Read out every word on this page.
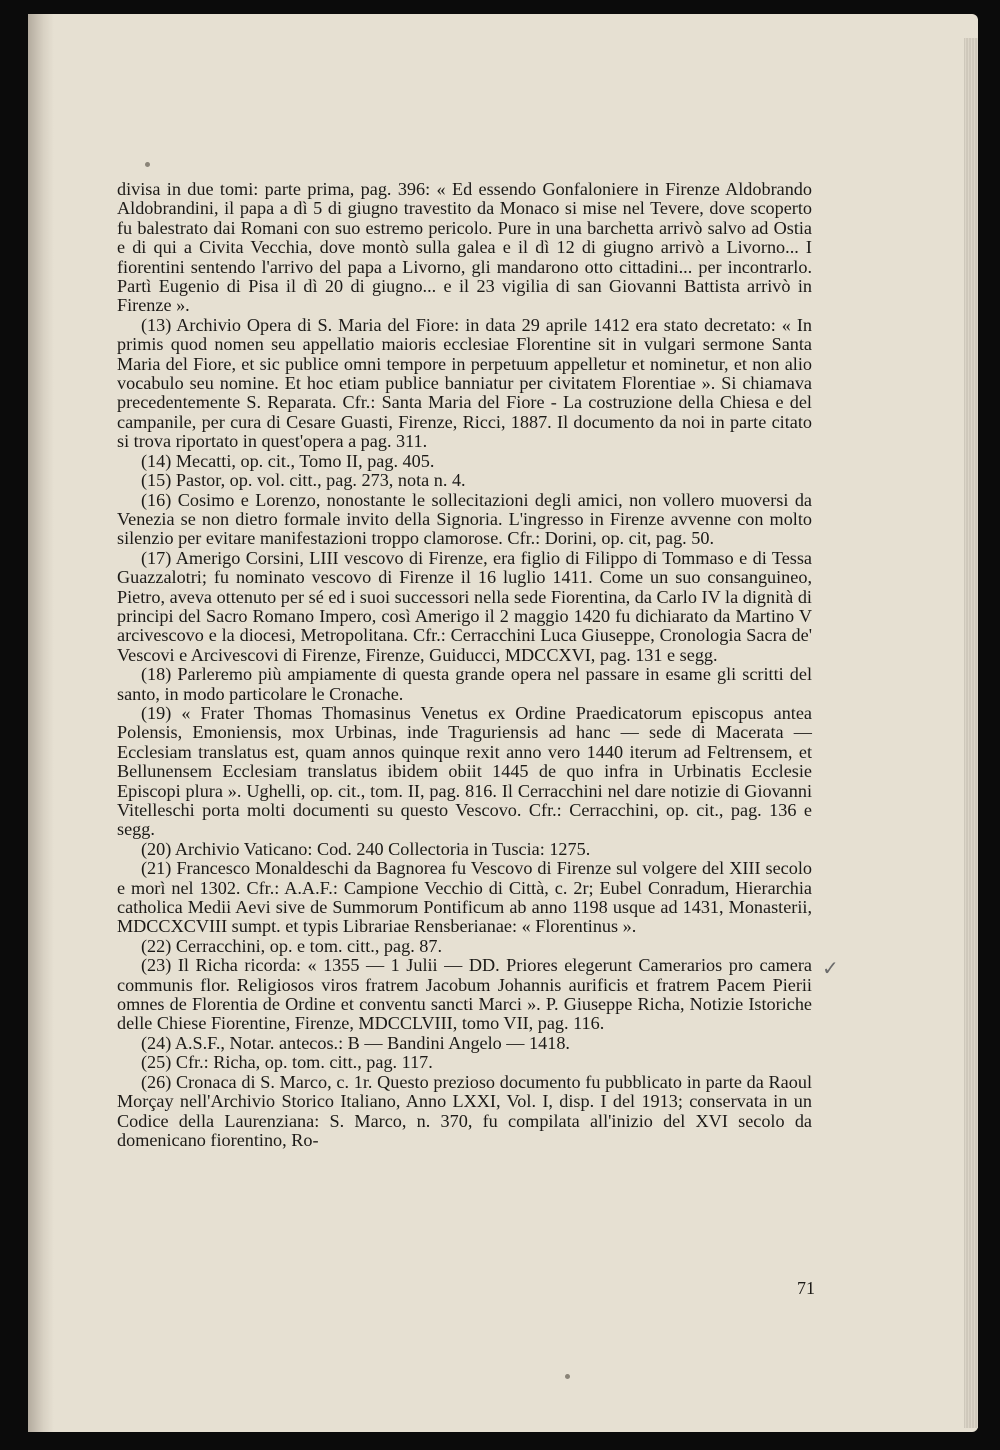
divisa in due tomi: parte prima, pag. 396: « Ed essendo Gonfaloniere in Firenze Aldobrando Aldobrandini, il papa a dì 5 di giugno travestito da Monaco si mise nel Tevere, dove scoperto fu balestrato dai Romani con suo estremo pericolo. Pure in una barchetta arrivò salvo ad Ostia e di qui a Civita Vecchia, dove montò sulla galea e il dì 12 di giugno arrivò a Livorno... I fiorentini sentendo l'arrivo del papa a Livorno, gli mandarono otto cittadini... per incontrarlo. Partì Eugenio di Pisa il dì 20 di giugno... e il 23 vigilia di san Giovanni Battista arrivò in Firenze ».

(13) Archivio Opera di S. Maria del Fiore: in data 29 aprile 1412 era stato decretato: « In primis quod nomen seu appellatio maioris ecclesiae Florentine sit in vulgari sermone Santa Maria del Fiore, et sic publice omni tempore in perpetuum appelletur et nominetur, et non alio vocabulo seu nomine. Et hoc etiam publice banniatur per civitatem Florentiae ». Si chiamava precedentemente S. Reparata. Cfr.: Santa Maria del Fiore - La costruzione della Chiesa e del campanile, per cura di Cesare Guasti, Firenze, Ricci, 1887. Il documento da noi in parte citato si trova riportato in quest'opera a pag. 311.

(14) Mecatti, op. cit., Tomo II, pag. 405.

(15) Pastor, op. vol. citt., pag. 273, nota n. 4.

(16) Cosimo e Lorenzo, nonostante le sollecitazioni degli amici, non vollero muoversi da Venezia se non dietro formale invito della Signoria. L'ingresso in Firenze avvenne con molto silenzio per evitare manifestazioni troppo clamorose. Cfr.: Dorini, op. cit, pag. 50.

(17) Amerigo Corsini, LIII vescovo di Firenze, era figlio di Filippo di Tommaso e di Tessa Guazzalotri; fu nominato vescovo di Firenze il 16 luglio 1411. Come un suo consanguineo, Pietro, aveva ottenuto per sé ed i suoi successori nella sede Fiorentina, da Carlo IV la dignità di principi del Sacro Romano Impero, così Amerigo il 2 maggio 1420 fu dichiarato da Martino V arcivescovo e la diocesi, Metropolitana. Cfr.: Cerracchini Luca Giuseppe, Cronologia Sacra de' Vescovi e Arcivescovi di Firenze, Firenze, Guiducci, MDCCXVI, pag. 131 e segg.

(18) Parleremo più ampiamente di questa grande opera nel passare in esame gli scritti del santo, in modo particolare le Cronache.

(19) « Frater Thomas Thomasinus Venetus ex Ordine Praedicatorum episcopus antea Polensis, Emoniensis, mox Urbinas, inde Traguriensis ad hanc — sede di Macerata — Ecclesiam translatus est, quam annos quinque rexit anno vero 1440 iterum ad Feltrensem, et Bellunensem Ecclesiam translatus ibidem obiit 1445 de quo infra in Urbinatis Ecclesie Episcopi plura ». Ughelli, op. cit., tom. II, pag. 816. Il Cerracchini nel dare notizie di Giovanni Vitelleschi porta molti documenti su questo Vescovo. Cfr.: Cerracchini, op. cit., pag. 136 e segg.

(20) Archivio Vaticano: Cod. 240 Collectoria in Tuscia: 1275.

(21) Francesco Monaldeschi da Bagnorea fu Vescovo di Firenze sul volgere del XIII secolo e morì nel 1302. Cfr.: A.A.F.: Campione Vecchio di Città, c. 2r; Eubel Conradum, Hierarchia catholica Medii Aevi sive de Summorum Pontificum ab anno 1198 usque ad 1431, Monasterii, MDCCXCVIII sumpt. et typis Librariae Rensberianae: « Florentinus ».

(22) Cerracchini, op. e tom. citt., pag. 87.

(23) Il Richa ricorda: « 1355 — 1 Julii — DD. Priores elegerunt Camerarios pro camera communis flor. Religiosos viros fratrem Jacobum Johannis aurificis et fratrem Pacem Pierii omnes de Florentia de Ordine et conventu sancti Marci ». P. Giuseppe Richa, Notizie Istoriche delle Chiese Fiorentine, Firenze, MDCCLVIII, tomo VII, pag. 116.

(24) A.S.F., Notar. antecos.: B — Bandini Angelo — 1418.

(25) Cfr.: Richa, op. tom. citt., pag. 117.

(26) Cronaca di S. Marco, c. 1r. Questo prezioso documento fu pubblicato in parte da Raoul Morçay nell'Archivio Storico Italiano, Anno LXXI, Vol. I, disp. I del 1913; conservata in un Codice della Laurenziana: S. Marco, n. 370, fu compilata all'inizio del XVI secolo da domenicano fiorentino, Ro-

✓
71
